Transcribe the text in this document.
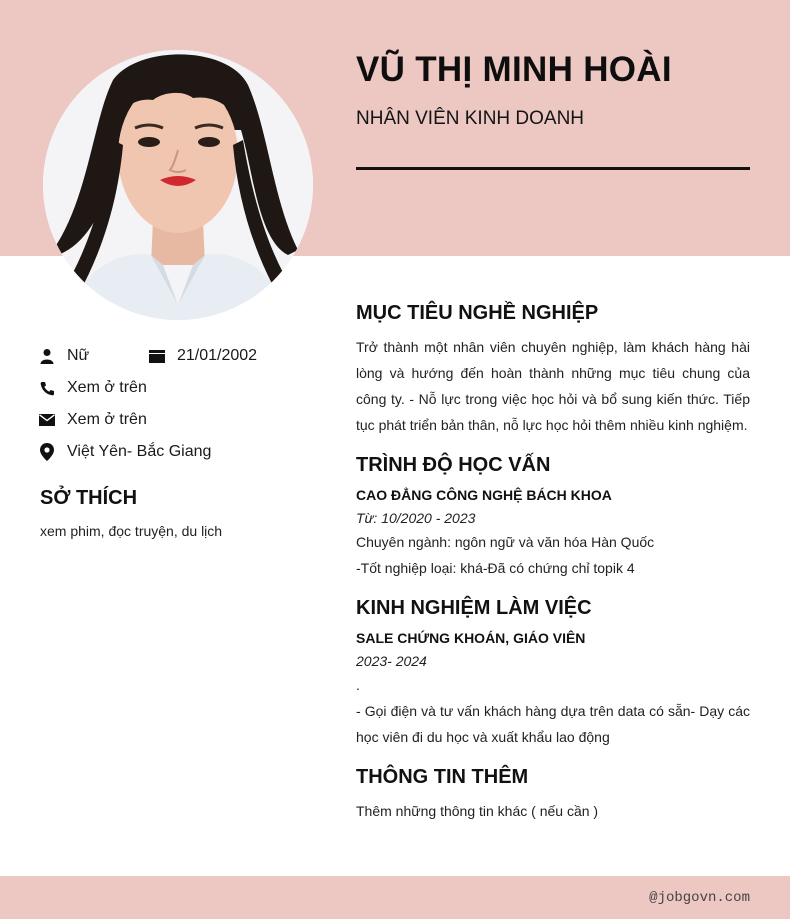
VŨ THỊ MINH HOÀI
NHÂN VIÊN KINH DOANH
Nữ	21/01/2002
Xem ở trên
Xem ở trên
Việt Yên- Bắc Giang
SỞ THÍCH
xem phim, đọc truyện, du lịch
MỤC TIÊU NGHỀ NGHIỆP

Trở thành một nhân viên chuyên nghiệp, làm khách hàng hài lòng và hướng đến hoàn thành những mục tiêu chung của công ty. - Nỗ lực trong việc học hỏi và bổ sung kiến thức. Tiếp tục phát triển bản thân, nỗ lực học hỏi thêm nhiều kinh nghiệm.

TRÌNH ĐỘ HỌC VẤN
CAO ĐẲNG CÔNG NGHỆ BÁCH KHOA
Từ: 10/2020 - 2023
Chuyên ngành: ngôn ngữ và văn hóa Hàn Quốc
-Tốt nghiệp loại: khá-Đã có chứng chỉ topik 4
KINH NGHIỆM LÀM VIỆC
SALE CHỨNG KHOÁN, GIÁO VIÊN
2023- 2024
.

- Gọi điện và tư vấn khách hàng dựa trên data có sẵn- Dạy các học viên đi du học và xuất khẩu lao động

THÔNG TIN THÊM
Thêm những thông tin khác ( nếu cần )
@jobgovn.com
